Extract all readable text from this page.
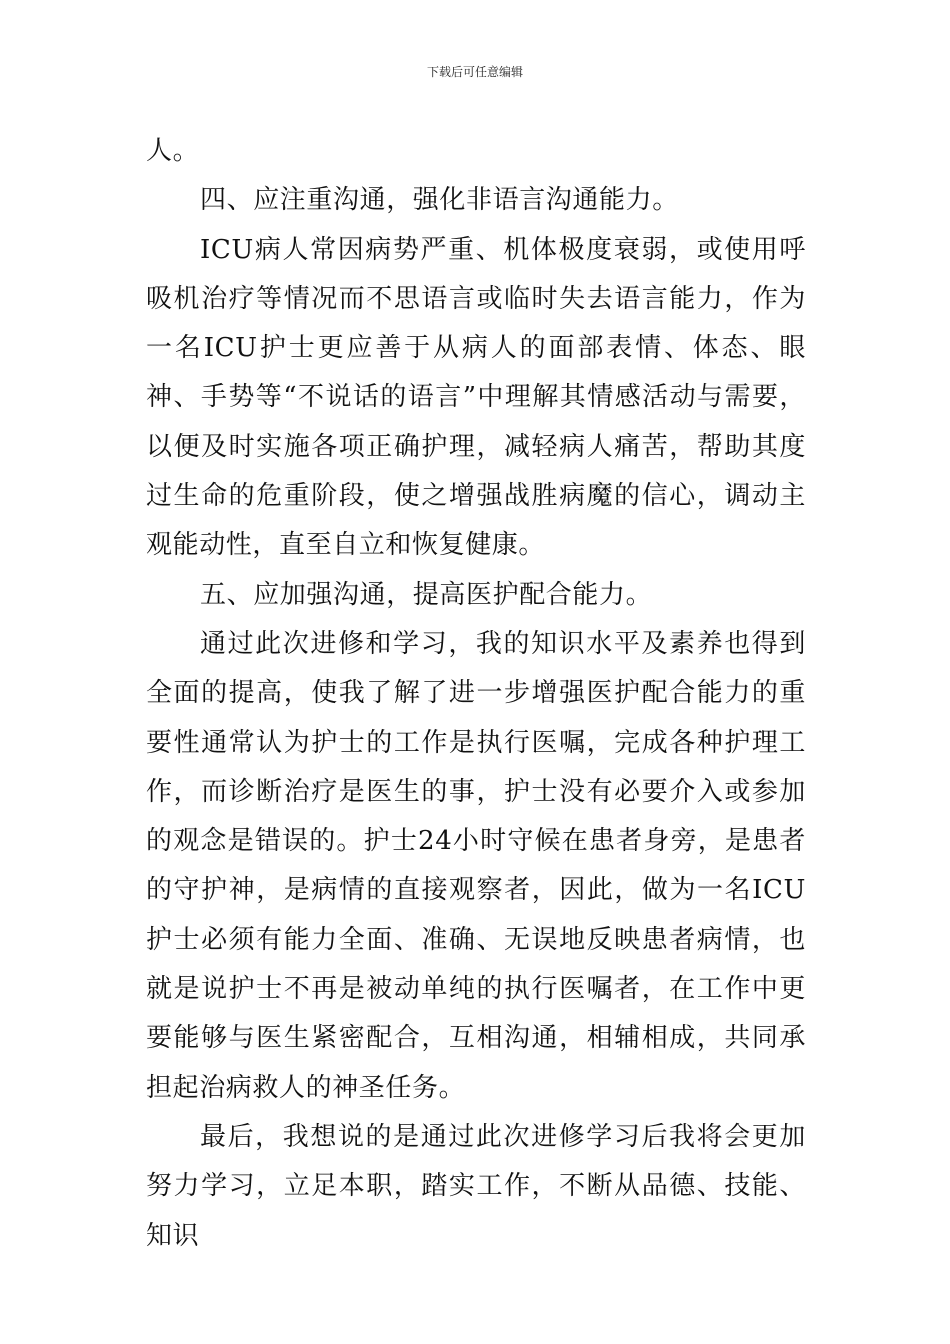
下载后可任意编辑

人。

四、应注重沟通，强化非语言沟通能力。

ICU病人常因病势严重、机体极度衰弱，或使用呼吸机治疗等情况而不思语言或临时失去语言能力，作为一名ICU护士更应善于从病人的面部表情、体态、眼神、手势等“不说话的语言”中理解其情感活动与需要，以便及时实施各项正确护理，减轻病人痛苦，帮助其度过生命的危重阶段，使之增强战胜病魔的信心，调动主观能动性，直至自立和恢复健康。

五、应加强沟通，提高医护配合能力。

通过此次进修和学习，我的知识水平及素养也得到全面的提高，使我了解了进一步增强医护配合能力的重要性通常认为护士的工作是执行医嘱，完成各种护理工作，而诊断治疗是医生的事，护士没有必要介入或参加的观念是错误的。护士24小时守候在患者身旁，是患者的守护神，是病情的直接观察者，因此，做为一名ICU护士必须有能力全面、准确、无误地反映患者病情，也就是说护士不再是被动单纯的执行医嘱者，在工作中更要能够与医生紧密配合，互相沟通，相辅相成，共同承担起治病救人的神圣任务。

最后，我想说的是通过此次进修学习后我将会更加努力学习，立足本职，踏实工作，不断从品德、技能、知识
